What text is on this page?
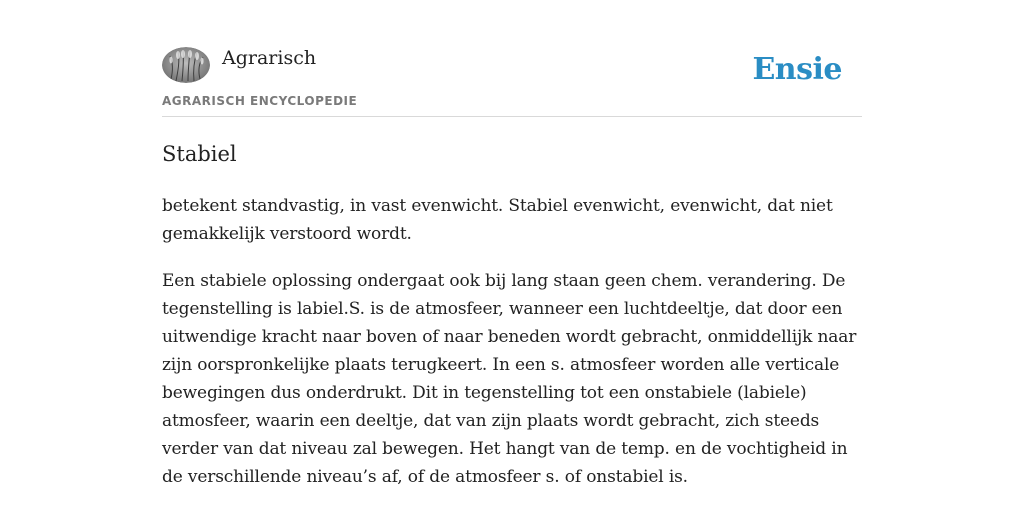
Agrarisch
AGRARISCH ENCYCLOPEDIE
Ensie
Stabiel

betekent standvastig, in vast evenwicht. Stabiel evenwicht, evenwicht, dat niet gemakkelijk verstoord wordt.

Een stabiele oplossing ondergaat ook bij lang staan geen chem. verandering. De tegenstelling is labiel.S. is de atmosfeer, wanneer een luchtdeeltje, dat door een uitwendige kracht naar boven of naar beneden wordt gebracht, onmiddellijk naar zijn oorspronkelijke plaats terugkeert. In een s. atmosfeer worden alle verticale bewegingen dus onderdrukt. Dit in tegenstelling tot een onstabiele (labiele) atmosfeer, waarin een deeltje, dat van zijn plaats wordt gebracht, zich steeds verder van dat niveau zal bewegen. Het hangt van de temp. en de vochtigheid in de verschillende niveau’s af, of de atmosfeer s. of onstabiel is.
